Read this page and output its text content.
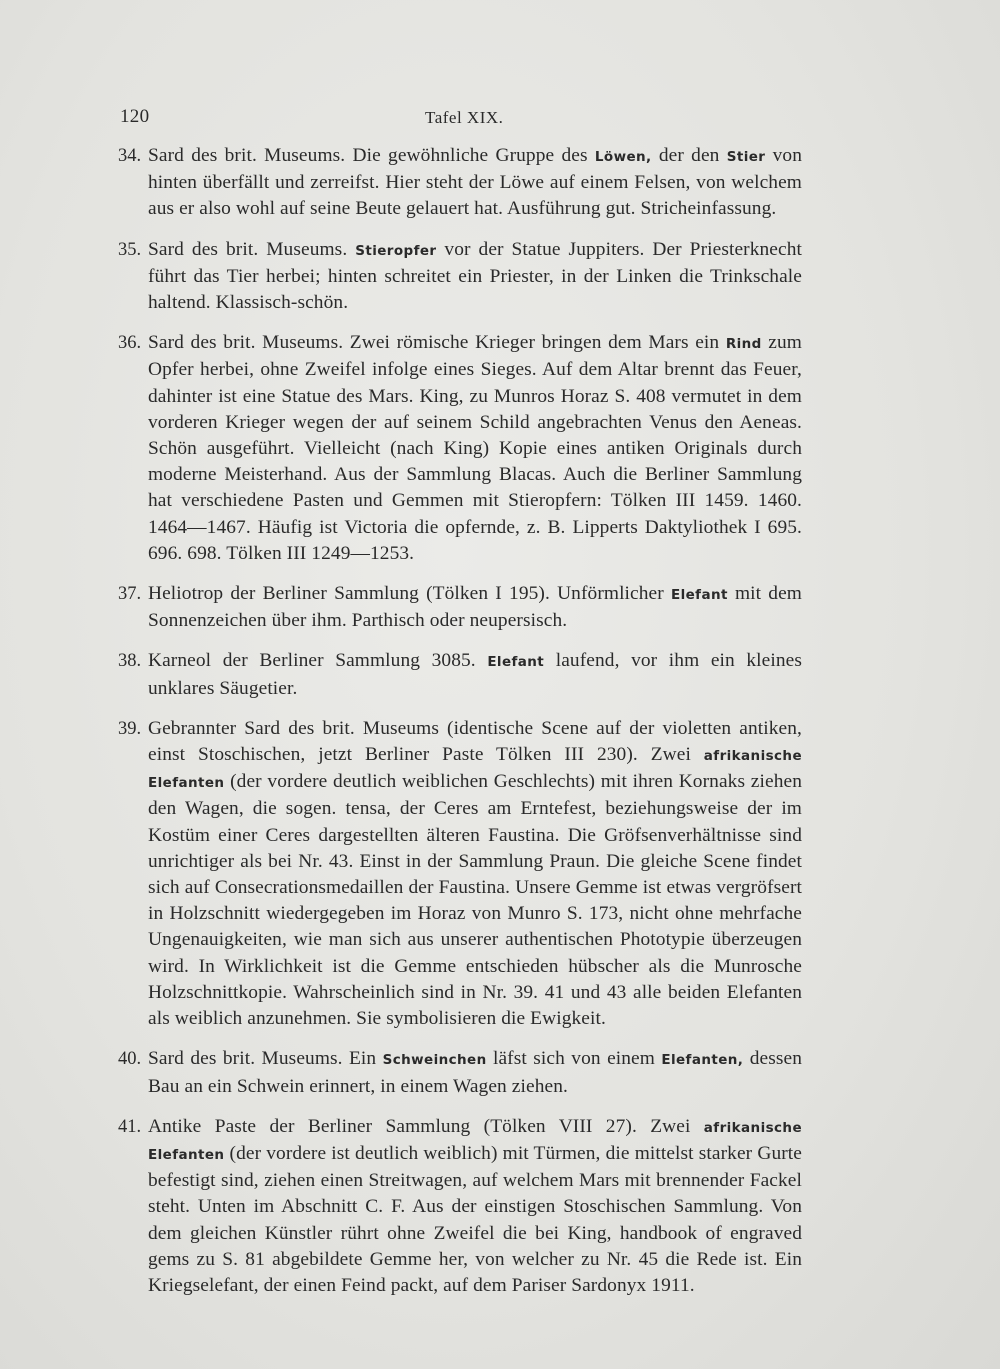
120	Tafel XIX.
34. Sard des brit. Museums. Die gewöhnliche Gruppe des Löwen, der den Stier von hinten überfällt und zerreifst. Hier steht der Löwe auf einem Felsen, von welchem aus er also wohl auf seine Beute gelauert hat. Ausführung gut. Stricheinfassung.
35. Sard des brit. Museums. Stieropfer vor der Statue Juppiters. Der Priesterknecht führt das Tier herbei; hinten schreitet ein Priester, in der Linken die Trinkschale haltend. Klassisch-schön.
36. Sard des brit. Museums. Zwei römische Krieger bringen dem Mars ein Rind zum Opfer herbei, ohne Zweifel infolge eines Sieges. Auf dem Altar brennt das Feuer, dahinter ist eine Statue des Mars. King, zu Munros Horaz S. 408 vermutet in dem vorderen Krieger wegen der auf seinem Schild angebrachten Venus den Aeneas. Schön ausgeführt. Vielleicht (nach King) Kopie eines antiken Originals durch moderne Meisterhand. Aus der Sammlung Blacas. Auch die Berliner Sammlung hat verschiedene Pasten und Gemmen mit Stieropfern: Tölken III 1459. 1460. 1464—1467. Häufig ist Victoria die opfernde, z. B. Lipperts Daktyliothek I 695. 696. 698. Tölken III 1249—1253.
37. Heliotrop der Berliner Sammlung (Tölken I 195). Unförmlicher Elefant mit dem Sonnenzeichen über ihm. Parthisch oder neupersisch.
38. Karneol der Berliner Sammlung 3085. Elefant laufend, vor ihm ein kleines unklares Säugetier.
39. Gebrannter Sard des brit. Museums (identische Scene auf der violetten antiken, einst Stoschischen, jetzt Berliner Paste Tölken III 230). Zwei afrikanische Elefanten (der vordere deutlich weiblichen Geschlechts) mit ihren Kornaks ziehen den Wagen, die sogen. tensa, der Ceres am Erntefest, beziehungsweise der im Kostüm einer Ceres dargestellten älteren Faustina. Die Gröfsenverhältnisse sind unrichtiger als bei Nr. 43. Einst in der Sammlung Praun. Die gleiche Scene findet sich auf Consecrationsmedaillen der Faustina. Unsere Gemme ist etwas vergröfsert in Holzschnitt wiedergegeben im Horaz von Munro S. 173, nicht ohne mehrfache Ungenauigkeiten, wie man sich aus unserer authentischen Phototypie überzeugen wird. In Wirklichkeit ist die Gemme entschieden hübscher als die Munrosche Holzschnittkopie. Wahrscheinlich sind in Nr. 39. 41 und 43 alle beiden Elefanten als weiblich anzunehmen. Sie symbolisieren die Ewigkeit.
40. Sard des brit. Museums. Ein Schweinchen läfst sich von einem Elefanten, dessen Bau an ein Schwein erinnert, in einem Wagen ziehen.
41. Antike Paste der Berliner Sammlung (Tölken VIII 27). Zwei afrikanische Elefanten (der vordere ist deutlich weiblich) mit Türmen, die mittelst starker Gurte befestigt sind, ziehen einen Streitwagen, auf welchem Mars mit brennender Fackel steht. Unten im Abschnitt C. F. Aus der einstigen Stoschischen Sammlung. Von dem gleichen Künstler rührt ohne Zweifel die bei King, handbook of engraved gems zu S. 81 abgebildete Gemme her, von welcher zu Nr. 45 die Rede ist. Ein Kriegselefant, der einen Feind packt, auf dem Pariser Sardonyx 1911.
